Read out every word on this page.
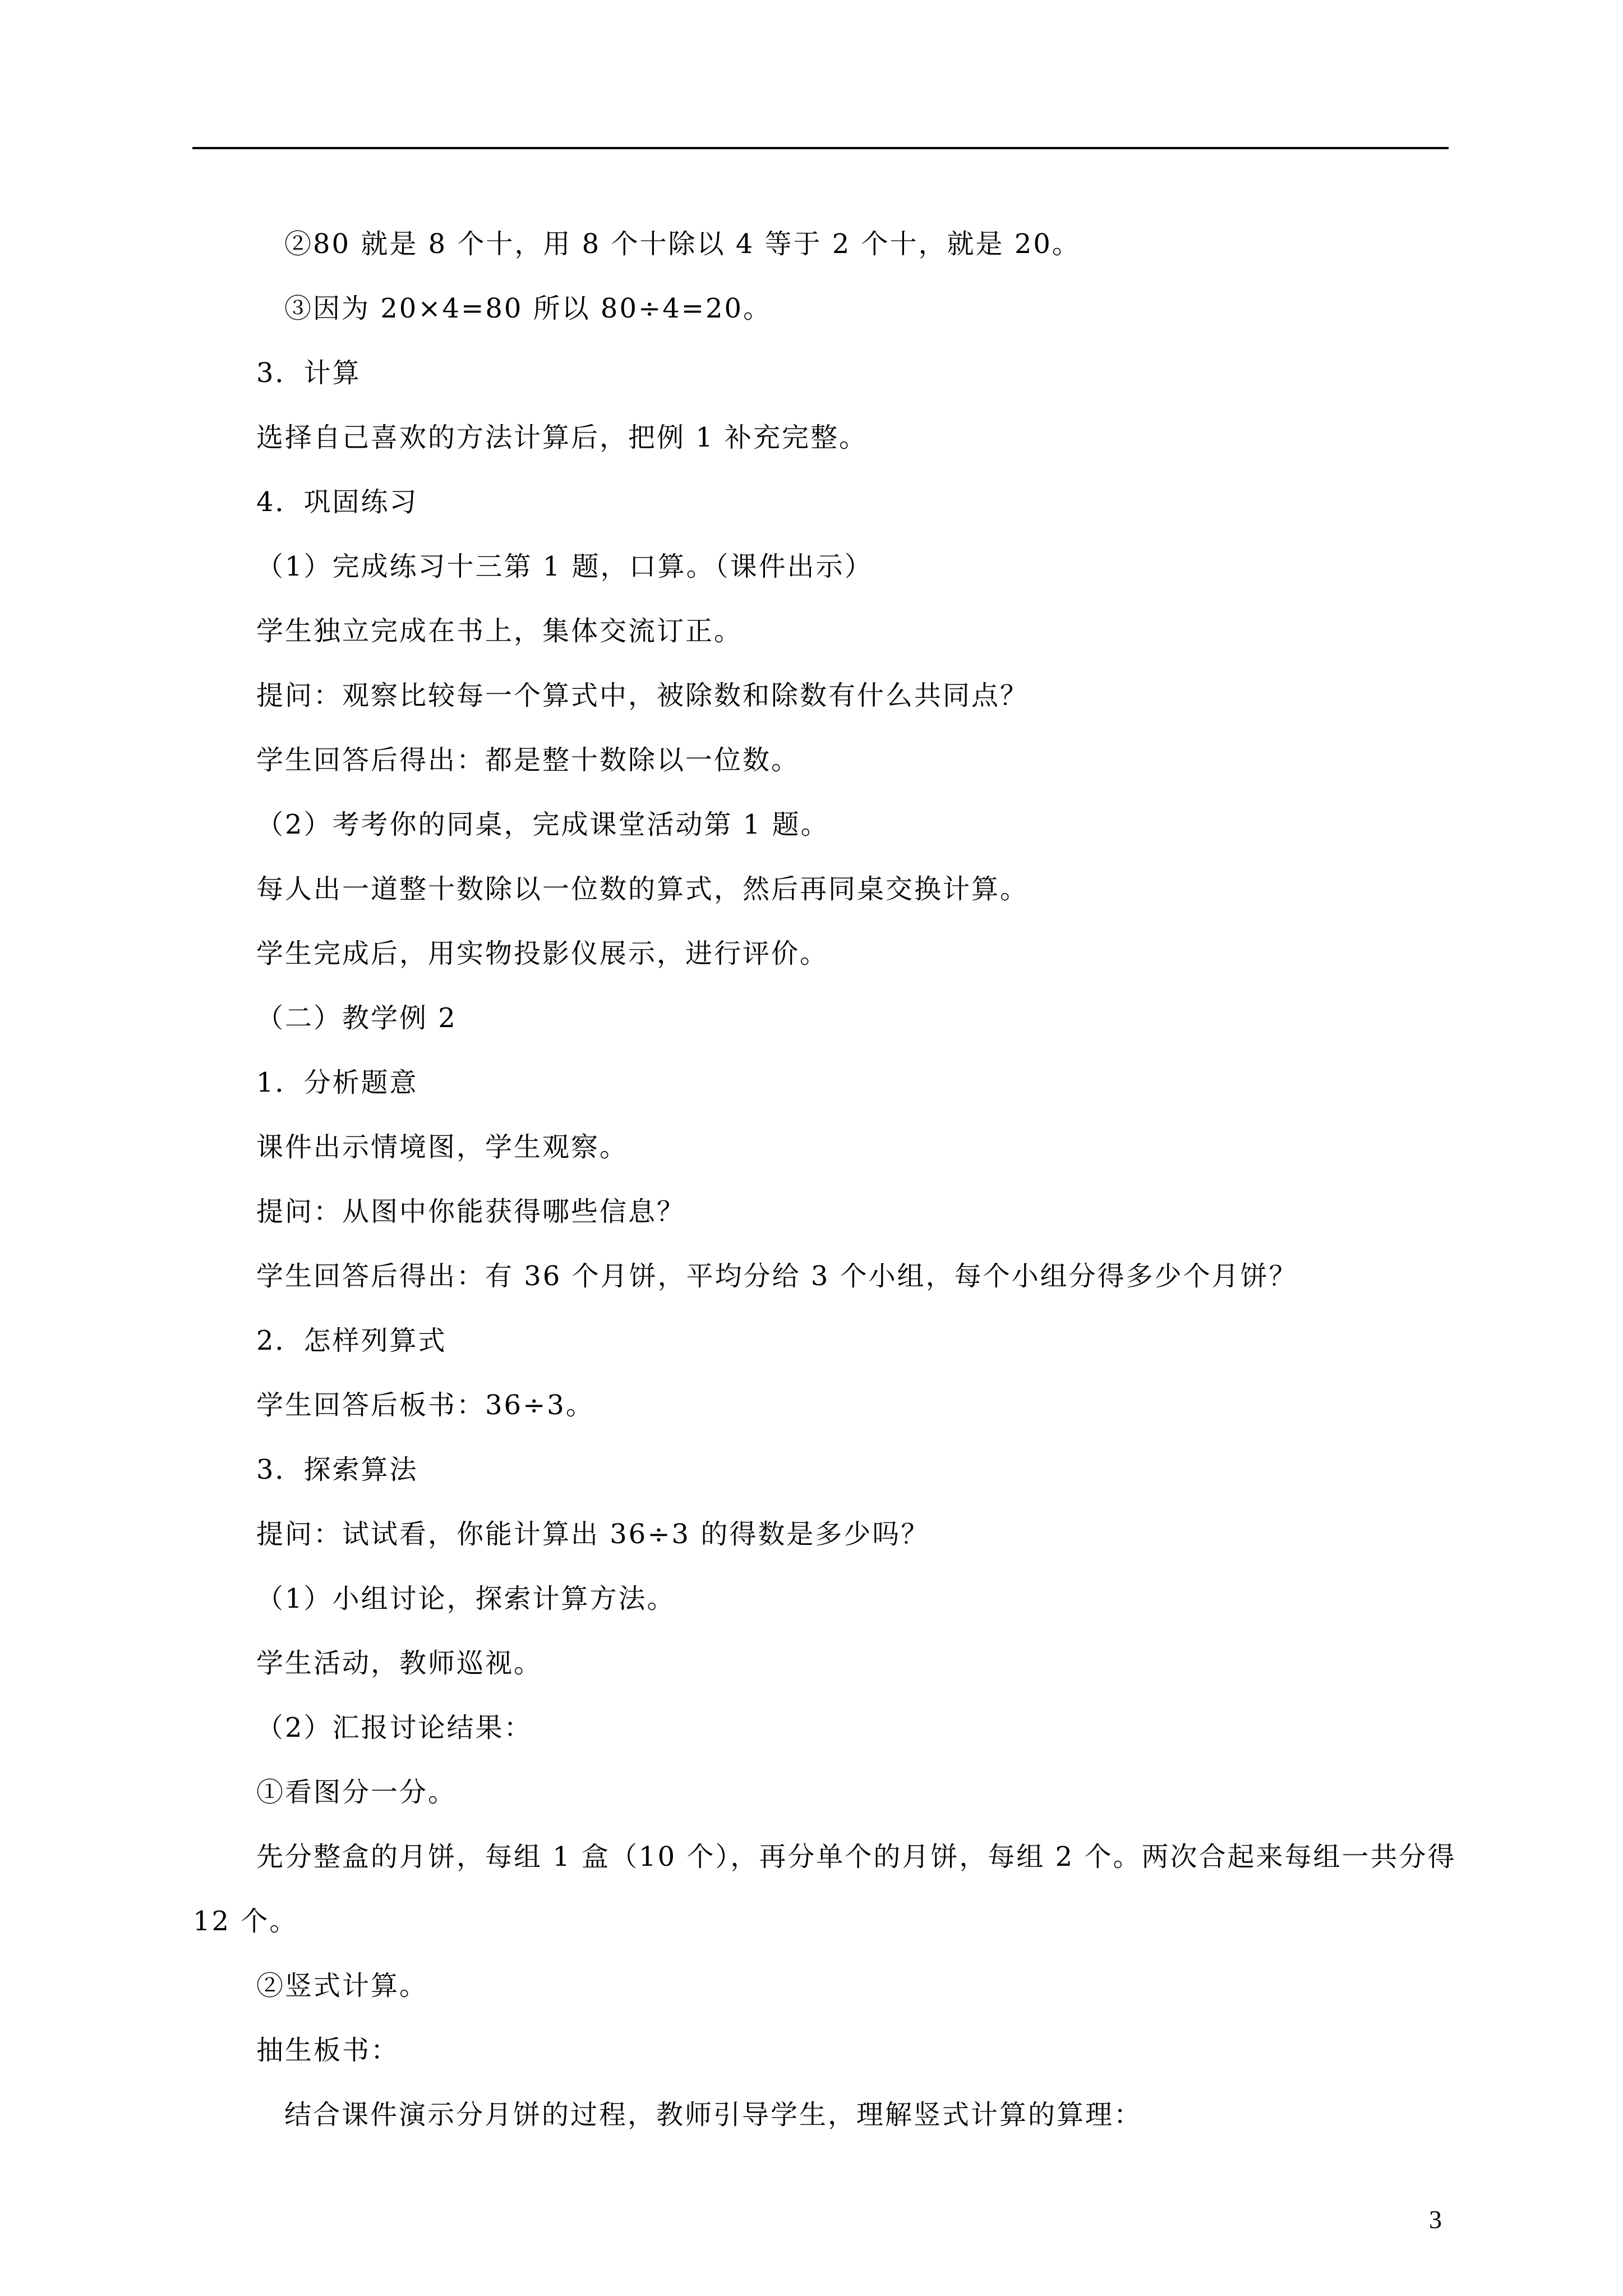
②80 就是 8 个十，用 8 个十除以 4 等于 2 个十，就是 20。
③因为 20×4=80 所以 80÷4=20。
3．计算
选择自己喜欢的方法计算后，把例 1 补充完整。
4．巩固练习
（1）完成练习十三第 1 题，口算。（课件出示）
学生独立完成在书上，集体交流订正。
提问：观察比较每一个算式中，被除数和除数有什么共同点？
学生回答后得出：都是整十数除以一位数。
（2）考考你的同桌，完成课堂活动第 1 题。
每人出一道整十数除以一位数的算式，然后再同桌交换计算。
学生完成后，用实物投影仪展示，进行评价。
（二）教学例 2
1．分析题意
课件出示情境图，学生观察。
提问：从图中你能获得哪些信息？
学生回答后得出：有 36 个月饼，平均分给 3 个小组，每个小组分得多少个月饼？
2．怎样列算式
学生回答后板书：36÷3。
3．探索算法
提问：试试看，你能计算出 36÷3 的得数是多少吗？
（1）小组讨论，探索计算方法。
学生活动，教师巡视。
（2）汇报讨论结果：
①看图分一分。
先分整盒的月饼，每组 1 盒（10 个），再分单个的月饼，每组 2 个。两次合起来每组一共分得
12 个。
②竖式计算。
抽生板书：
结合课件演示分月饼的过程，教师引导学生，理解竖式计算的算理：
3
